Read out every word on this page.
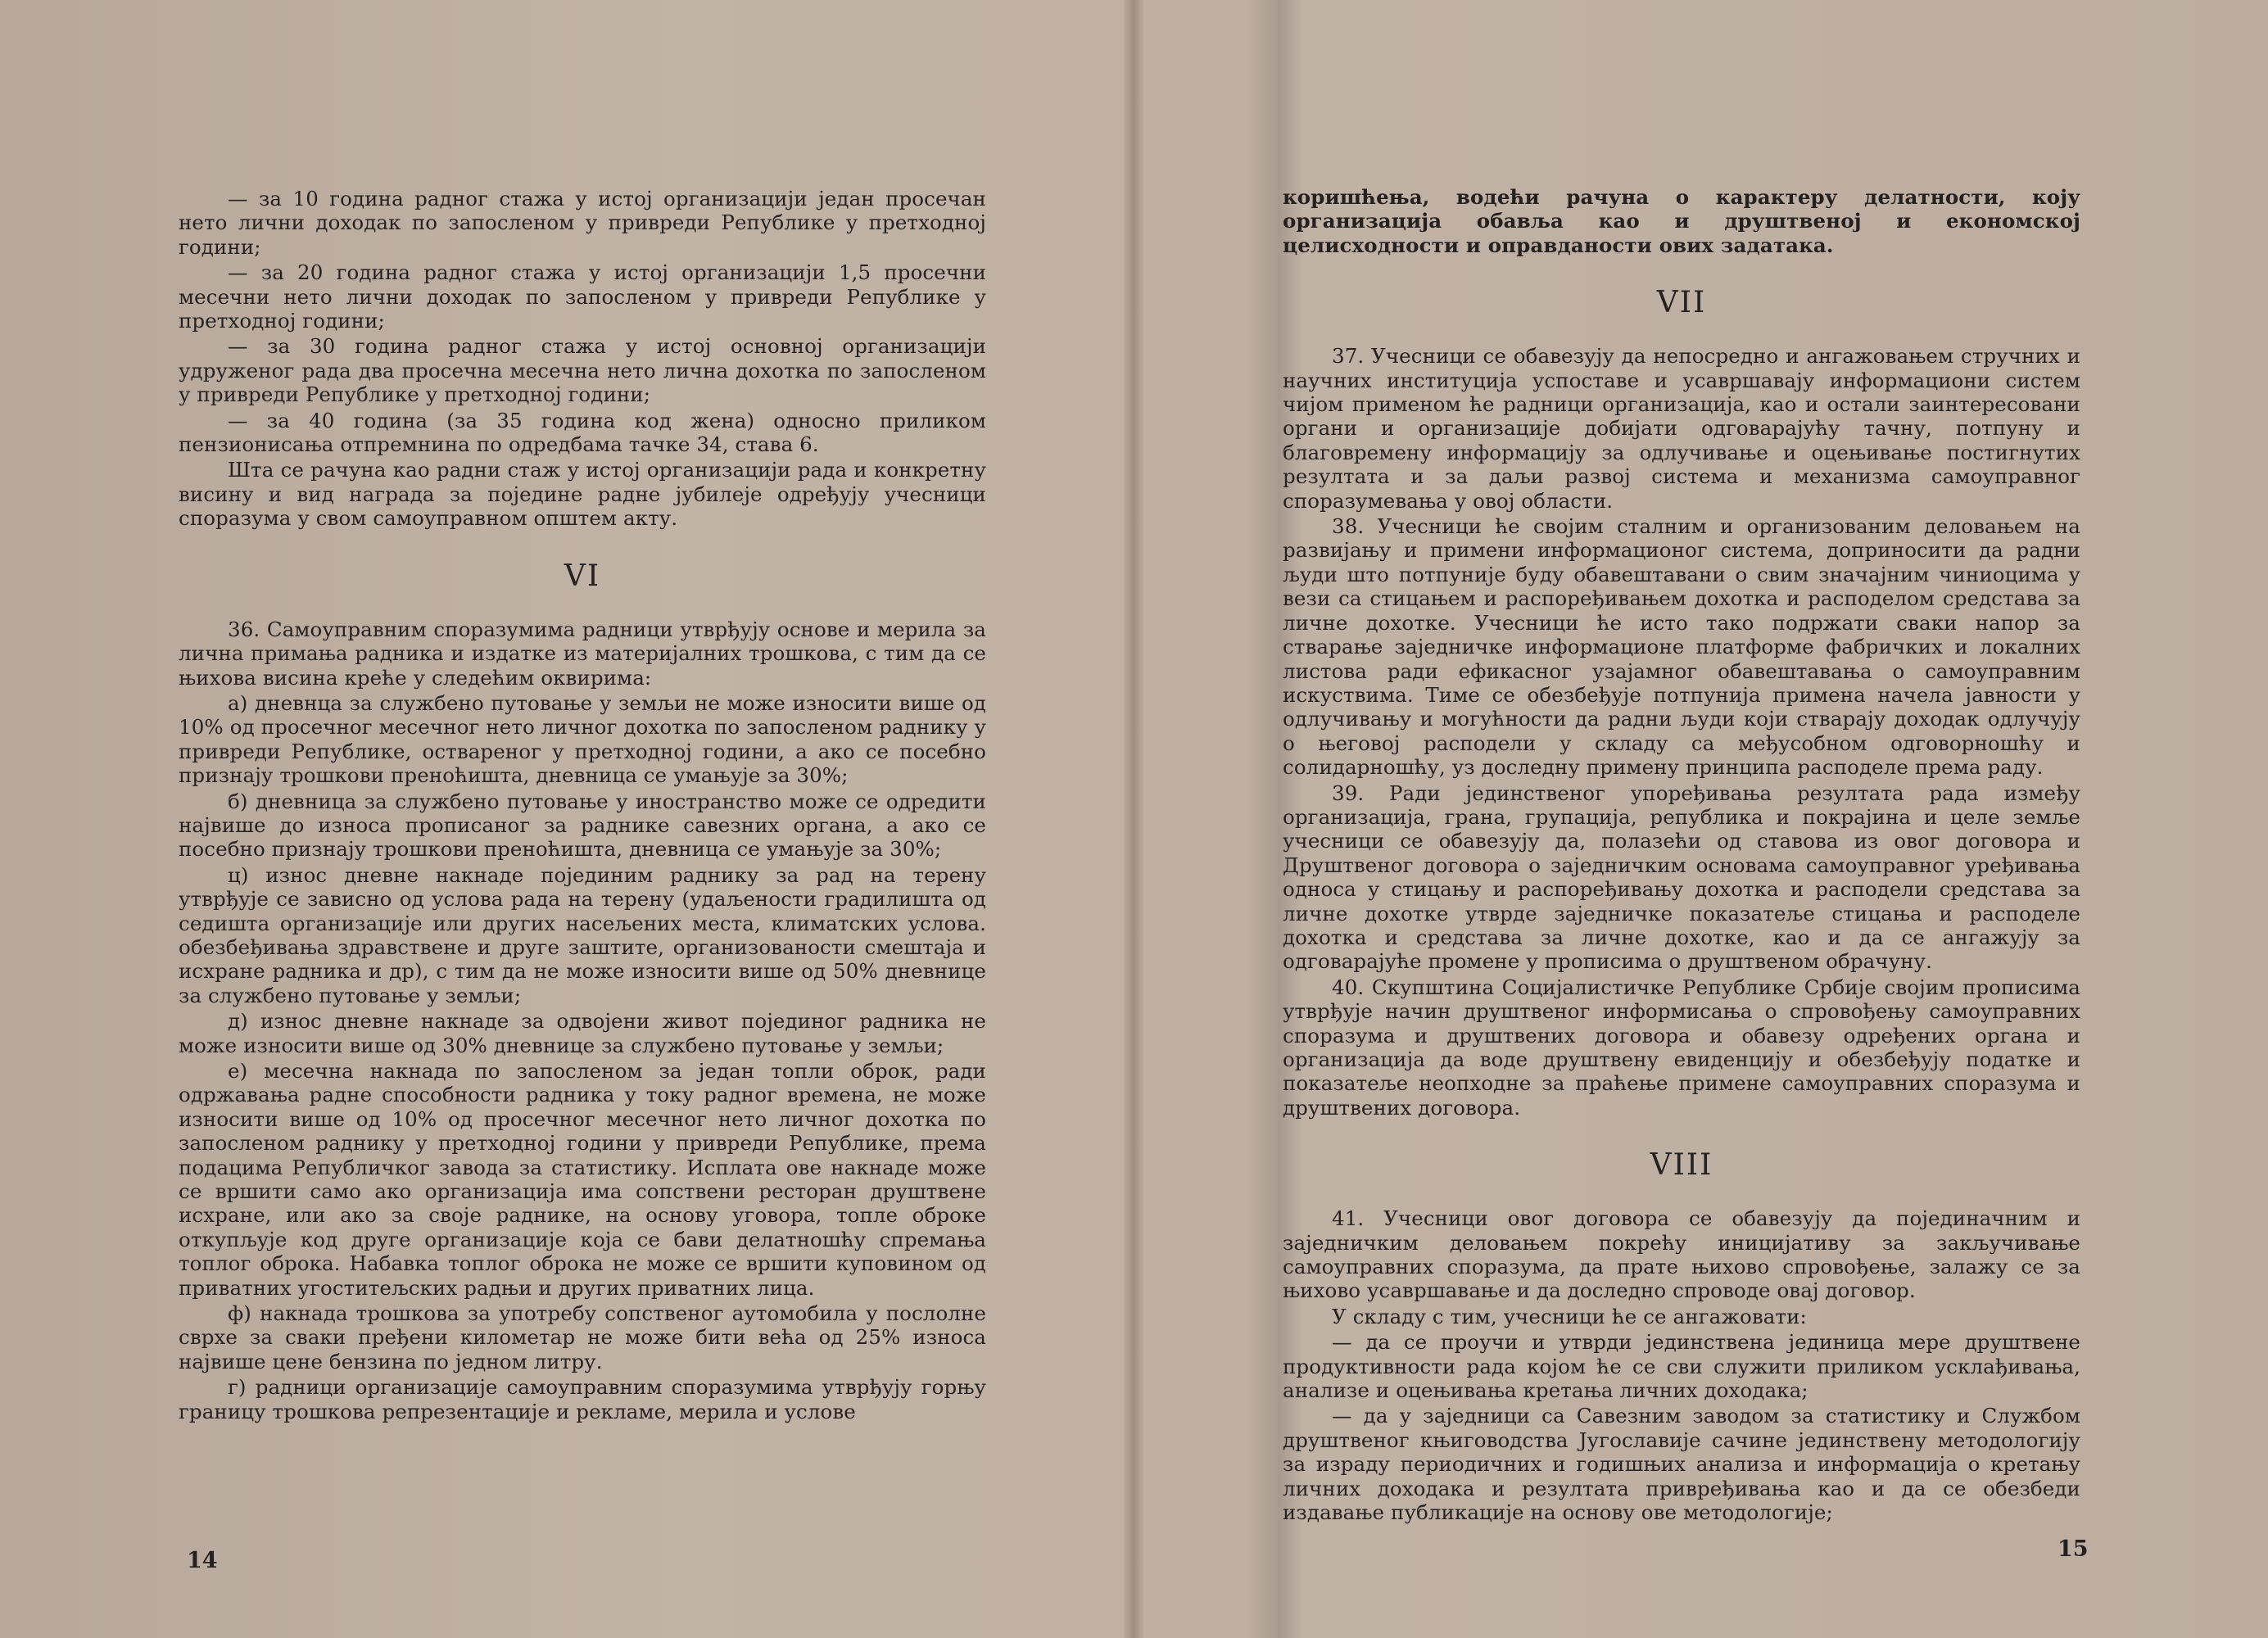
— за 10 година радног стажа у истој организацији један просечан нето лични доходак по запосленом у привреди Републике у претходној години;

— за 20 година радног стажа у истој организацији 1,5 просечни месечни нето лични доходак по запосленом у привреди Републике у претходној години;

— за 30 година радног стажа у истој основној организацији удруженог рада два просечна месечна нето лична дохотка по запосленом у привреди Републике у претходној години;

— за 40 година (за 35 година код жена) односно приликом пензионисања отпремнина по одредбама тачке 34, става 6.

Шта се рачуна као радни стаж у истој организацији рада и конкретну висину и вид награда за поједине радне јубилеје одређују учесници споразума у свом самоуправном општем акту.

VI

36. Самоуправним споразумима радници утврђују основе и мерила за лична примања радника и издатке из материјалних трошкова, с тим да се њихова висина креће у следећим оквирима:

а) дневнца за службено путовање у земљи не може износити више од 10% од просечног месечног нето личног дохотка по запосленом раднику у привреди Републике, оствареног у претходној години, а ако се посебно признају трошкови преноћишта, дневница се умањује за 30%;

б) дневница за службено путовање у иностранство може се одредити највише до износа прописаног за раднике савезних органа, а ако се посебно признају трошкови преноћишта, дневница се умањује за 30%;

ц) износ дневне накнаде појединим раднику за рад на терену утврђује се зависно од услова рада на терену (удаљености градилишта од седишта организације или других насељених места, климатских услова. обезбеђивања здравствене и друге заштите, организованости смештаја и исхране радника и др), с тим да не може износити више од 50% дневнице за службено путовање у земљи;

д) износ дневне накнаде за одвојени живот појединог радника не може износити више од 30% дневнице за службено путовање у земљи;

е) месечна накнада по запосленом за један топли оброк, ради одржавања радне способности радника у току радног времена, не може износити више од 10% од просечног месечног нето личног дохотка по запосленом раднику у претходној години у привреди Републике, према подацима Републичког завода за статистику. Исплата ове накнаде може се вршити само ако организација има сопствени ресторан друштвене исхране, или ако за своје раднике, на основу уговора, топле оброке откупљује код друге организације која се бави делатношћу спремања топлог оброка. Набавка топлог оброка не може се вршити куповином од приватних угоститељских радњи и других приватних лица.

ф) накнада трошкова за употребу сопственог аутомобила у послолне сврхе за сваки пређени километар не може бити већа од 25% износа највише цене бензина по једном литру.

г) радници организације самоуправним споразумима утврђују горњу границу трошкова репрезентације и рекламе, мерила и услове

14

коришћења, водећи рачуна о карактеру делатности, коју организација обавља као и друштвеној и економској целисходности и оправданости ових задатака.

VII

37. Учесници се обавезују да непосредно и ангажовањем стручних и научних институција успоставе и усавршавају информациони систем чијом применом ће радници организација, као и остали заинтересовани органи и организације добијати одговарајућу тачну, потпуну и благовремену информацију за одлучивање и оцењивање постигнутих резултата и за даљи развој система и механизма самоуправног споразумевања у овој области.

38. Учесници ће својим сталним и организованим деловањем на развијању и примени информационог система, доприносити да радни људи што потпуније буду обавештавани о свим значајним чиниоцима у вези са стицањем и распоређивањем дохотка и расподелом средстава за личне дохотке. Учесници ће исто тако подржати сваки напор за стварање заједничке информационе платформе фабричких и локалних листова ради ефикасног узајамног обавештавања о самоуправним искуствима. Тиме се обезбеђује потпунија примена начела јавности у одлучивању и могућности да радни људи који стварају доходак одлучују о његовој расподели у складу са међусобном одговорношћу и солидарношћу, уз доследну примену принципа расподеле према раду.

39. Ради јединственог упоређивања резултата рада између организација, грана, групација, република и покрајина и целе земље учесници се обавезују да, полазећи од ставова из овог договора и Друштвеног договора о заједничким основама самоуправног уређивања односа у стицању и распоређивању дохотка и расподели средстава за личне дохотке утврде заједничке показатеље стицања и расподеле дохотка и средстава за личне дохотке, као и да се ангажују за одговарајуће промене у прописима о друштвеном обрачуну.

40. Скупштина Социјалистичке Републике Србије својим прописима утврђује начин друштвеног информисања о спровођењу самоуправних споразума и друштвених договора и обавезу одређених органа и организација да воде друштвену евиденцију и обезбеђују податке и показатеље неопходне за праћење примене самоуправних споразума и друштвених договора.

VIII

41. Учесници овог договора се обавезују да појединачним и заједничким деловањем покрећу иницијативу за закључивање самоуправних споразума, да прате њихово спровођење, залажу се за њихово усавршавање и да доследно спроводе овај договор.

У складу с тим, учесници ће се ангажовати:

— да се проучи и утврди јединствена јединица мере друштвене продуктивности рада којом ће се сви служити приликом усклађивања, анализе и оцењивања кретања личних доходака;

— да у заједници са Савезним заводом за статистику и Службом друштвеног књиговодства Југославије сачине јединствену методологију за израду периодичних и годишњих анализа и информација о кретању личних доходака и резултата привређивања као и да се обезбеди издавање публикације на основу ове методологије;

15
